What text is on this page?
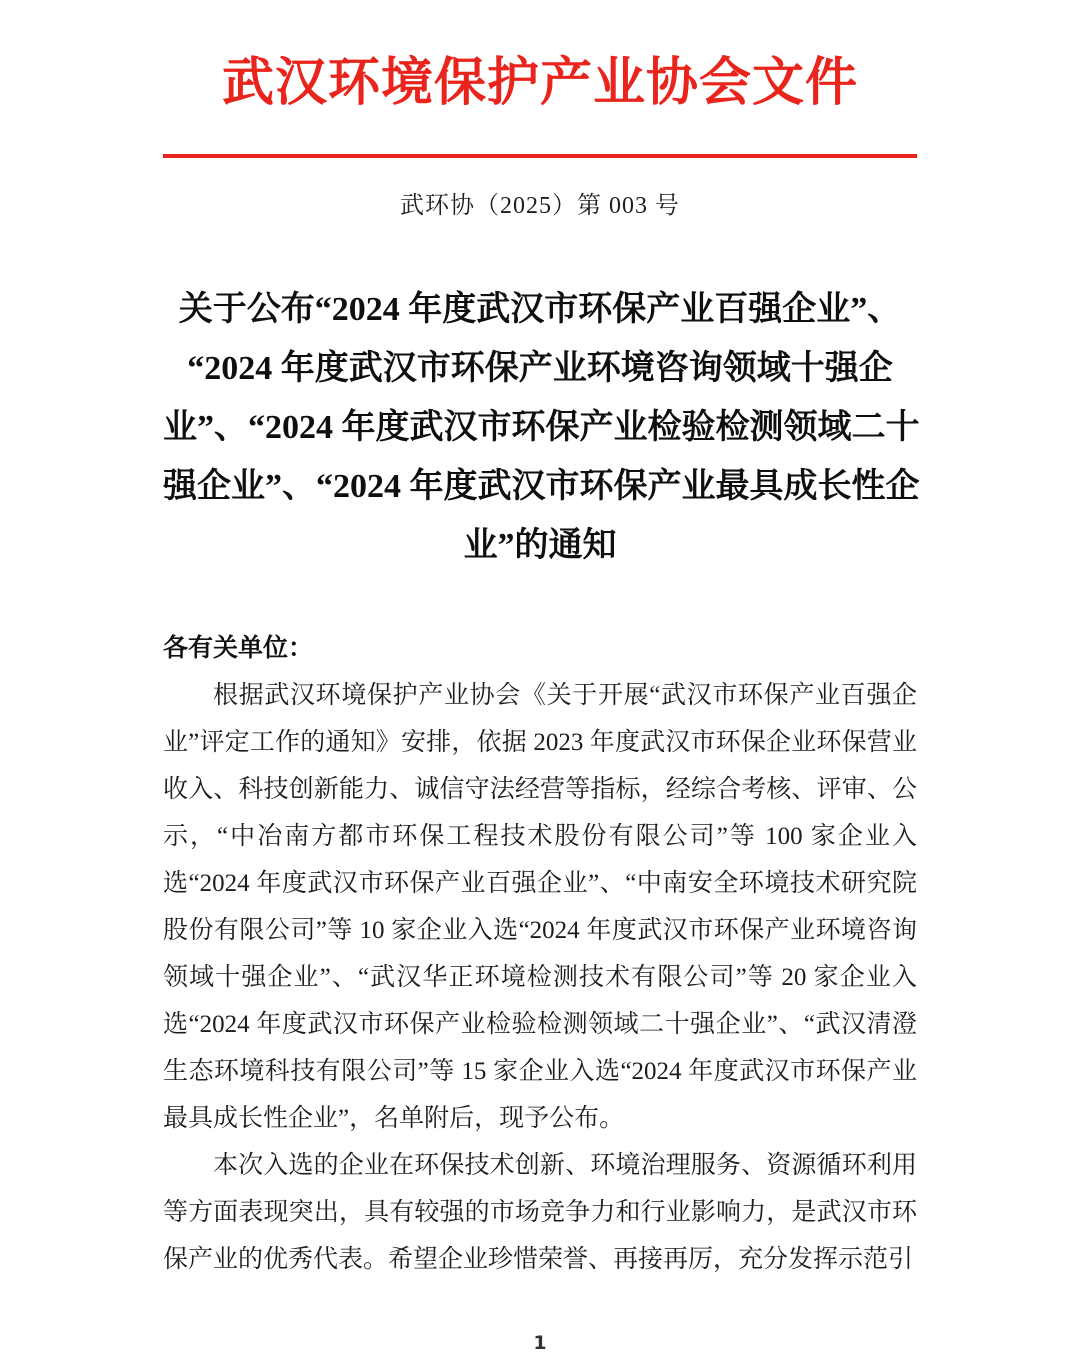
武汉环境保护产业协会文件
武环协（2025）第 003 号
关于公布“2024 年度武汉市环保产业百强企业”、
“2024 年度武汉市环保产业环境咨询领域十强企
业”、“2024 年度武汉市环保产业检验检测领域二十
强企业”、“2024 年度武汉市环保产业最具成长性企
业”的通知
各有关单位：

根据武汉环境保护产业协会《关于开展“武汉市环保产业百强企业”评定工作的通知》安排，依据 2023 年度武汉市环保企业环保营业收入、科技创新能力、诚信守法经营等指标，经综合考核、评审、公示，“中冶南方都市环保工程技术股份有限公司”等 100 家企业入选“2024 年度武汉市环保产业百强企业”、“中南安全环境技术研究院股份有限公司”等 10 家企业入选“2024 年度武汉市环保产业环境咨询领域十强企业”、“武汉华正环境检测技术有限公司”等 20 家企业入选“2024 年度武汉市环保产业检验检测领域二十强企业”、“武汉清澄生态环境科技有限公司”等 15 家企业入选“2024 年度武汉市环保产业最具成长性企业”，名单附后，现予公布。

本次入选的企业在环保技术创新、环境治理服务、资源循环利用等方面表现突出，具有较强的市场竞争力和行业影响力，是武汉市环保产业的优秀代表。希望企业珍惜荣誉、再接再厉，充分发挥示范引

1
